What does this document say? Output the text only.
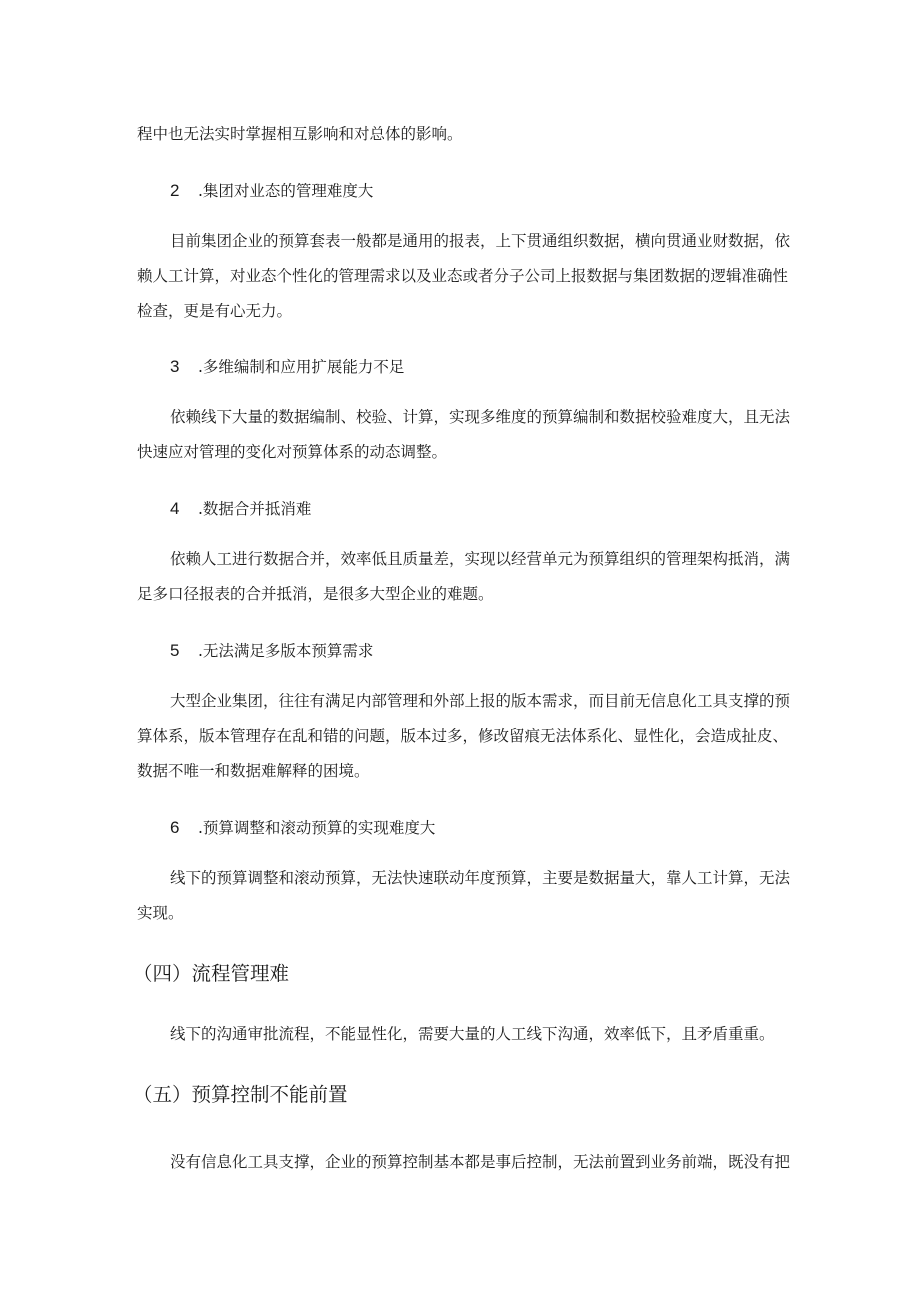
程中也无法实时掌握相互影响和对总体的影响。
2 .集团对业态的管理难度大
目前集团企业的预算套表一般都是通用的报表，上下贯通组织数据，横向贯通业财数据，依
赖人工计算，对业态个性化的管理需求以及业态或者分子公司上报数据与集团数据的逻辑准确性
检查，更是有心无力。
3 .多维编制和应用扩展能力不足
依赖线下大量的数据编制、校验、计算，实现多维度的预算编制和数据校验难度大，且无法
快速应对管理的变化对预算体系的动态调整。
4 .数据合并抵消难
依赖人工进行数据合并，效率低且质量差，实现以经营单元为预算组织的管理架构抵消，满
足多口径报表的合并抵消，是很多大型企业的难题。
5 .无法满足多版本预算需求
大型企业集团，往往有满足内部管理和外部上报的版本需求，而目前无信息化工具支撑的预
算体系，版本管理存在乱和错的问题，版本过多，修改留痕无法体系化、显性化，会造成扯皮、
数据不唯一和数据难解释的困境。
6 .预算调整和滚动预算的实现难度大
线下的预算调整和滚动预算，无法快速联动年度预算，主要是数据量大，靠人工计算，无法
实现。
（四）流程管理难
线下的沟通审批流程，不能显性化，需要大量的人工线下沟通，效率低下，且矛盾重重。
（五）预算控制不能前置
没有信息化工具支撑，企业的预算控制基本都是事后控制，无法前置到业务前端，既没有把
